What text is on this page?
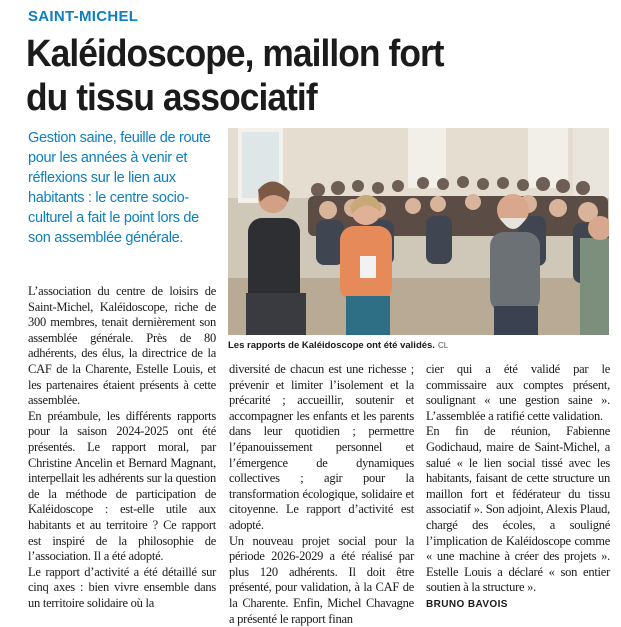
SAINT-MICHEL
Kaléidoscope, maillon fort
du tissu associatif
Gestion saine, feuille de route pour les années à venir et réflexions sur le lien aux habitants : le centre socio-culturel a fait le point lors de son assemblée générale.
Les rapports de Kaléidoscope ont été validés. CL

L’association du centre de loisirs de Saint-Michel, Kaléidoscope, riche de 300 membres, tenait dernièrement son assemblée générale. Près de 80 adhérents, des élus, la directrice de la CAF de la Charente, Estelle Louis, et les partenaires étaient présents à cette assemblée.

En préambule, les différents rapports pour la saison 2024-2025 ont été présentés. Le rapport moral, par Christine Ancelin et Bernard Magnant, interpellait les adhérents sur la question de la méthode de participation de Kaléidoscope : est-elle utile aux habitants et au territoire ? Ce rapport est inspiré de la philosophie de l’association. Il a été adopté.

Le rapport d’activité a été détaillé sur cinq axes : bien vivre ensemble dans un territoire solidaire où la

diversité de chacun est une richesse ; prévenir et limiter l’isolement et la précarité ; accueillir, soutenir et accompagner les enfants et les parents dans leur quotidien ; permettre l’épanouissement personnel et l’émergence de dynamiques collectives ; agir pour la transformation écologique, solidaire et citoyenne. Le rapport d’activité est adopté.

Un nouveau projet social pour la période 2026-2029 a été réalisé par plus 120 adhérents. Il doit être présenté, pour validation, à la CAF de la Charente. Enfin, Michel Chavagne a présenté le rapport finan

cier qui a été validé par le commissaire aux comptes présent, soulignant « une gestion saine ». L’assemblée a ratifié cette validation.

En fin de réunion, Fabienne Godichaud, maire de Saint-Michel, a salué « le lien social tissé avec les habitants, faisant de cette structure un maillon fort et fédérateur du tissu associatif ». Son adjoint, Alexis Plaud, chargé des écoles, a souligné l’implication de Kaléidoscope comme « une machine à créer des projets ». Estelle Louis a déclaré « son entier soutien à la structure ».

BRUNO BAVOIS
